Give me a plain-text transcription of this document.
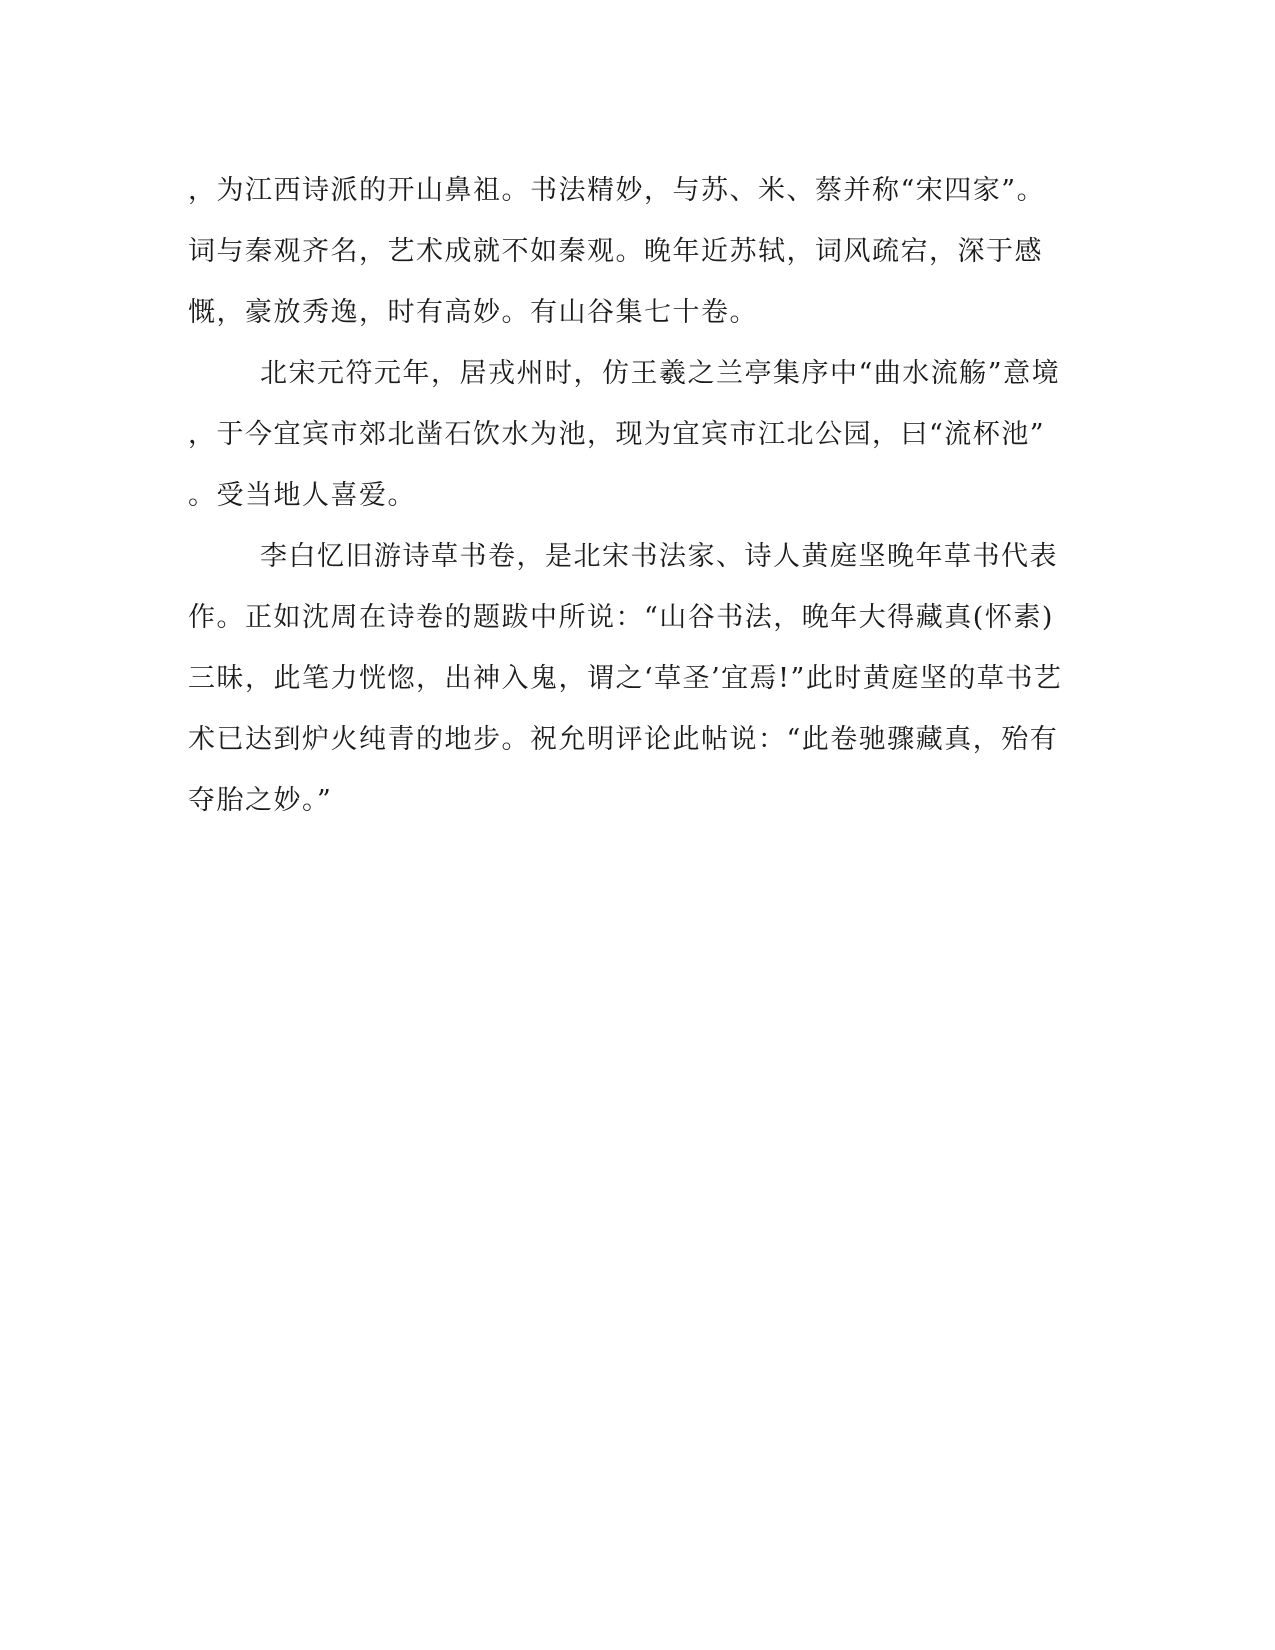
，为江西诗派的开山鼻祖。书法精妙，与苏、米、蔡并称“宋四家”。
词与秦观齐名，艺术成就不如秦观。晚年近苏轼，词风疏宕，深于感
慨，豪放秀逸，时有高妙。有山谷集七十卷。
北宋元符元年，居戎州时，仿王羲之兰亭集序中“曲水流觞”意境
，于今宜宾市郊北凿石饮水为池，现为宜宾市江北公园，曰“流杯池”
。受当地人喜爱。
李白忆旧游诗草书卷，是北宋书法家、诗人黄庭坚晚年草书代表
作。正如沈周在诗卷的题跋中所说：“山谷书法，晚年大得藏真(怀素)
三昧，此笔力恍惚，出神入鬼，谓之‘草圣’宜焉!”此时黄庭坚的草书艺
术已达到炉火纯青的地步。祝允明评论此帖说：“此卷驰骤藏真，殆有
夺胎之妙。”
